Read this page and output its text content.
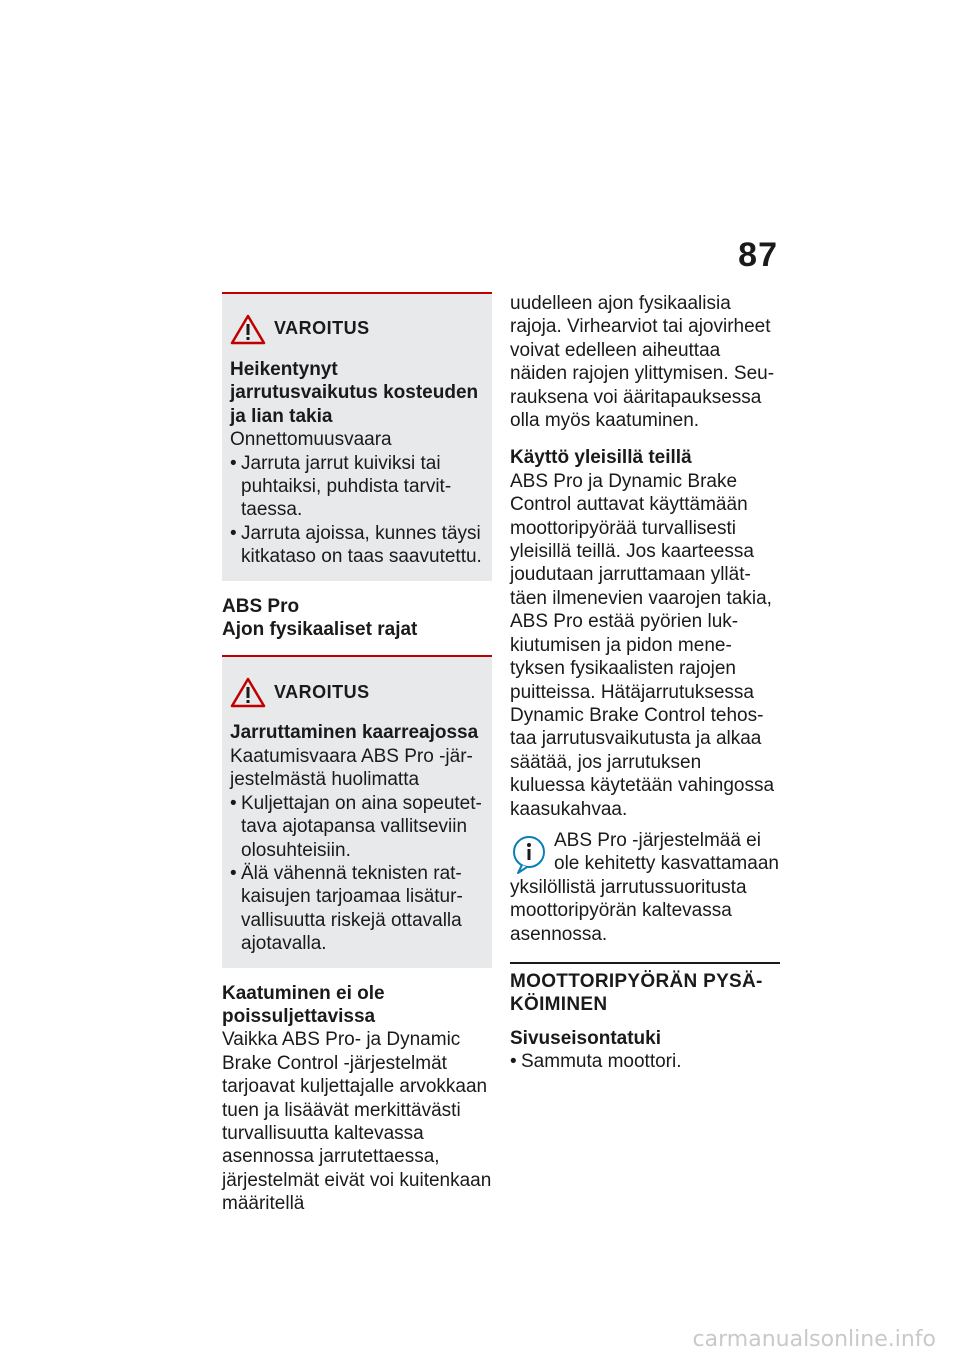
87
VAROITUS

Heikentynyt jarrutusvaikutus kosteuden ja lian takia

Onnettomuusvaara

• Jarruta jarrut kuiviksi tai puhtaiksi, puhdista tarvittaessa.
• Jarruta ajoissa, kunnes täysi kitkataso on taas saavutettu.

ABS Pro

Ajon fysikaaliset rajat

VAROITUS

Jarruttaminen kaarreajossa

Kaatumisvaara ABS Pro -järjestelmästä huolimatta

• Kuljettajan on aina sopeutettava ajotapansa vallitseviin olosuhteisiin.
• Älä vähennä teknisten ratkaisujen tarjoamaa lisäturvallisuutta riskejä ottavalla ajotavalla.

Kaatuminen ei ole poissuljettavissa

Vaikka ABS Pro- ja Dynamic Brake Control -järjestelmät tarjoavat kuljettajalle arvokkaan tuen ja lisäävät merkittävästi turvallisuutta kaltevassa asennossa jarrutettaessa, järjestelmät eivät voi kuitenkaan määritellä

uudelleen ajon fysikaalisia rajoja. Virhearviot tai ajovirheet voivat edelleen aiheuttaa näiden rajojen ylittymisen. Seurauksena voi ääritapauksessa olla myös kaatuminen.

Käyttö yleisillä teillä

ABS Pro ja Dynamic Brake Control auttavat käyttämään moottoripyörää turvallisesti yleisillä teillä. Jos kaarteessa joudutaan jarruttamaan yllättäen ilmenevien vaarojen takia, ABS Pro estää pyörien lukkiutumisen ja pidon menetyksen fysikaalisten rajojen puitteissa. Hätäjarrutuksessa Dynamic Brake Control tehostaa jarrutusvaikutusta ja alkaa säätää, jos jarrutuksen kuluessa käytetään vahingossa kaasukahvaa.

ABS Pro -järjestelmää ei ole kehitetty kasvattamaan yksilöllistä jarrutussuoritusta moottoripyörän kaltevassa asennossa.

MOOTTORIPYÖRÄN PYSÄKÖIMINEN

Sivuseisontatuki

• Sammuta moottori.
carmanualsonline.info
